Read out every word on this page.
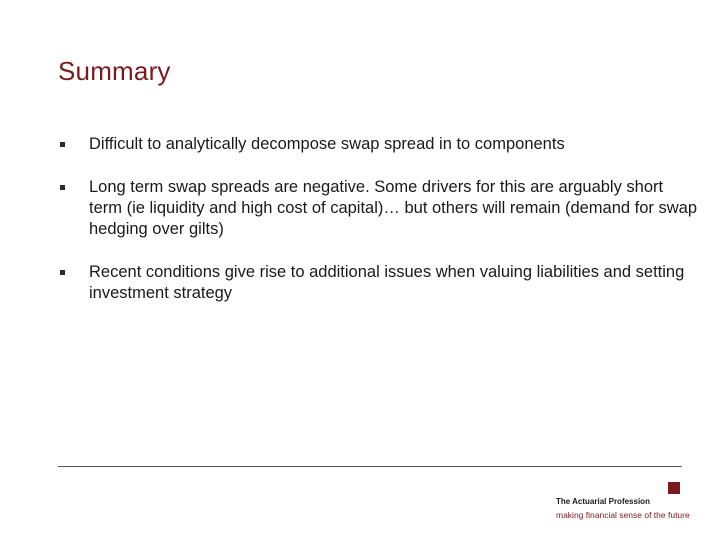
Summary
Difficult to analytically decompose swap spread in to components
Long term swap spreads are negative. Some drivers for this are arguably short term (ie liquidity and high cost of capital)… but others will remain (demand for swap hedging over gilts)
Recent conditions give rise to additional issues when valuing liabilities and setting investment strategy
The Actuarial Profession
making financial sense of the future
